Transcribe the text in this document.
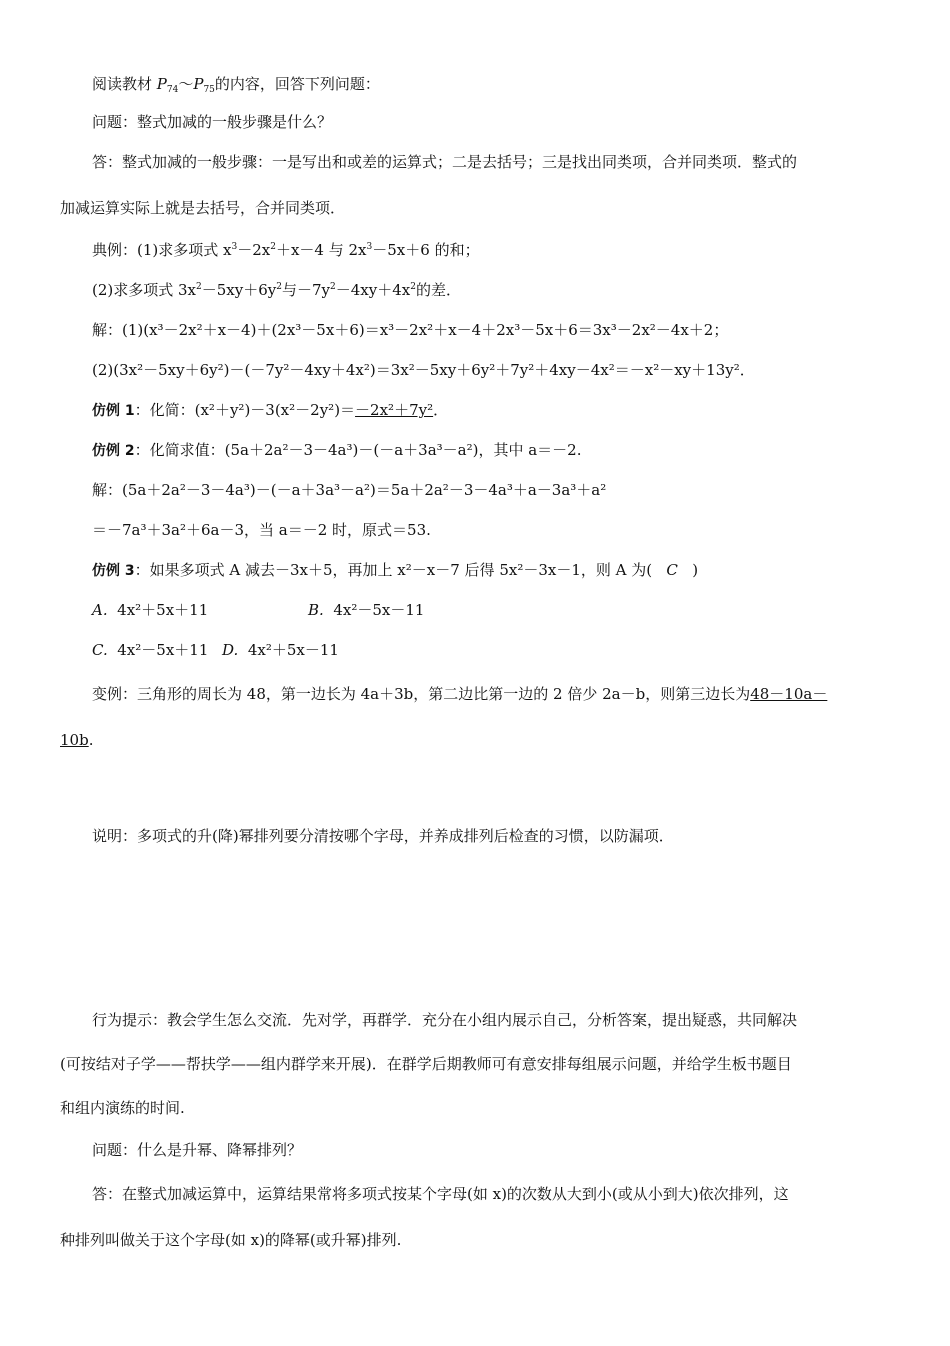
阅读教材 $P_{74}\sim P_{75}$的内容，回答下列问题：
问题：整式加减的一般步骤是什么？
答：整式加减的一般步骤：一是写出和或差的运算式；二是去括号；三是找出同类项，合并同类项．整式的
加减运算实际上就是去括号，合并同类项．
典例：(1)求多项式 $x^3-2x^2+x-4$ 与 $2x^3-5x+6$ 的和；
(2)求多项式 $3x^2-5xy+6y^2$与$-7y^2-4xy+4x^2$的差．
解：(1)(x³－2x²＋x－4)＋(2x³－5x＋6)＝x³－2x²＋x－4＋2x³－5x＋6＝3x³－2x²－4x＋2；
(2)(3x²－5xy＋6y²)－(－7y²－4xy＋4x²)＝3x²－5xy＋6y²＋7y²＋4xy－4x²＝－x²－xy＋13y²．
仿例 1：化简：(x²＋y²)－3(x²－2y²)＝－2x²＋7y²．
仿例 2：化简求值：(5a＋2a²－3－4a³)－(－a＋3a³－a²)，其中 a＝－2.
解：(5a＋2a²－3－4a³)－(－a＋3a³－a²)＝5a＋2a²－3－4a³＋a－3a³＋a²
＝－7a³＋3a²＋6a－3，当 a＝－2 时，原式＝53.
仿例 3：如果多项式 A 减去－3x＋5，再加上 x²－x－7 后得 5x²－3x－1，则 A 为( C )
A. 4x²＋5x＋11	B. 4x²－5x－11
C. 4x²－5x＋11 D. 4x²＋5x－11
变例：三角形的周长为 48，第一边长为 4a＋3b，第二边比第一边的 2 倍少 2a－b，则第三边长为48－10a－
10b.
说明：多项式的升(降)幂排列要分清按哪个字母，并养成排列后检查的习惯，以防漏项．
行为提示：教会学生怎么交流．先对学，再群学．充分在小组内展示自己，分析答案，提出疑惑，共同解决
(可按结对子学——帮扶学——组内群学来开展)．在群学后期教师可有意安排每组展示问题，并给学生板书题目
和组内演练的时间.
问题：什么是升幂、降幂排列？
答：在整式加减运算中，运算结果常将多项式按某个字母(如 x)的次数从大到小(或从小到大)依次排列，这
种排列叫做关于这个字母(如 x)的降幂(或升幂)排列.
